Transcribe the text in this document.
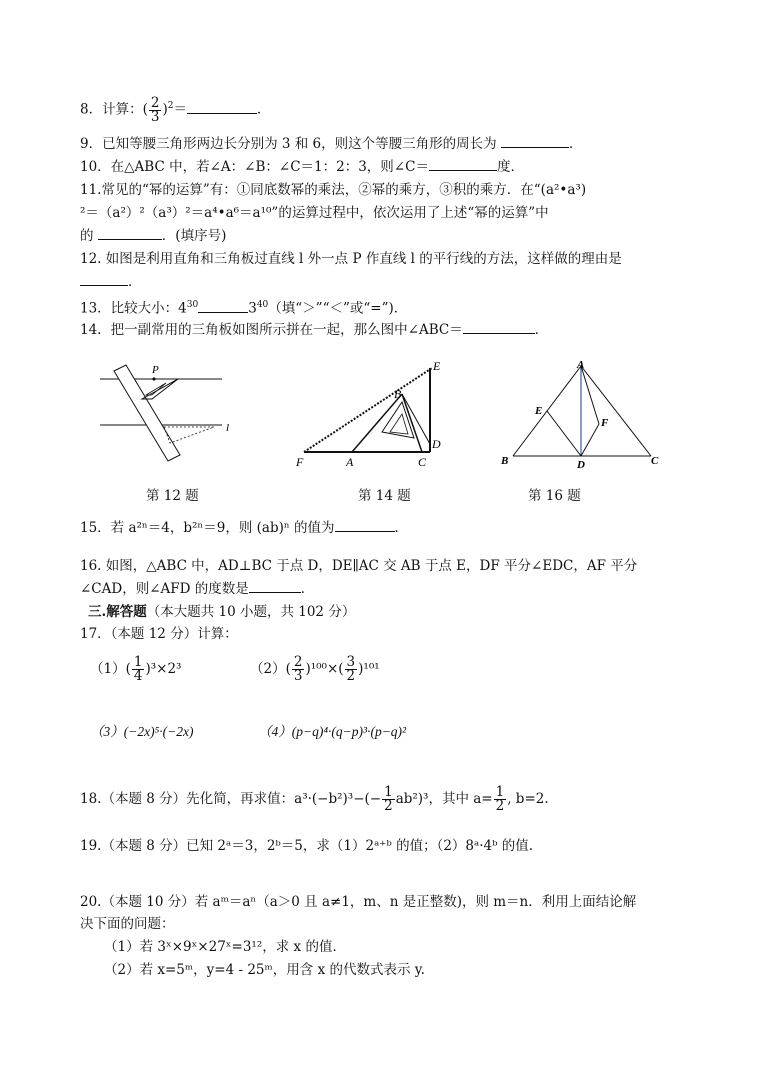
8．计算：( $\frac{2}{3} )^2=$	．
9．已知等腰三角形两边长分别为 3 和 6，则这个等腰三角形的周长为	．
10．在△ABC 中，若∠A：∠B：∠C＝1：2：3，则∠C＝	度．
11.常见的“幂的运算”有：①同底数幂的乘法，②幂的乘方，③积的乘方．在“(a²•a³)
²＝（a²）²（a³）²＝a⁴•a⁶＝a¹⁰”的运算过程中，依次运用了上述“幂的运算”中
的	．(填序号)
12. 如图是利用直角和三角板过直线 l 外一点 P 作直线 l 的平行线的方法，这样做的理由是
．
13．比较大小：$4^{30}$	$3^{40}$（填“＞”“＜”或“=”)．
14．把一副常用的三角板如图所示拼在一起，那么图中∠ABC＝	．
P
l
第 12 题
E
B
D
F	A	C
第 14 题
A
E
F
B	D	C
第 16 题
15．若 a²ⁿ＝4，b²ⁿ＝9，则 (ab)ⁿ 的值为	．
16. 如图，△ABC 中，AD⊥BC 于点 D，DE∥AC 交 AB 于点 E，DF 平分∠EDC，AF 平分
∠CAD，则∠AFD 的度数是	．
三.解答题（本大题共 10 小题，共 102 分）
17．（本题 12 分）计算：
$(1)( \frac{1}{4} )^3\times 2^3$	$(2)( \frac{2}{3} )^{100}\times( \frac{3}{2} )^{101}$
（3）(−2x)⁵·(−2x)	（4）(p−q)⁴·(q−p)³·(p−q)²
18.（本题 8 分）先化简，再求值：$a^3\cdot(-b^2)^3-(- \frac{1}{2} ab^2)^3$，其中 $a= \frac{1}{2}$ , b=2.
19.（本题 8 分）已知 2ᵃ＝3，2ᵇ＝5，求（1）2ᵃ⁺ᵇ 的值；（2）8ᵃ·4ᵇ 的值.
20.（本题 10 分）若 aᵐ＝aⁿ（a＞0 且 a≠1，m、n 是正整数)，则 m＝n．利用上面结论解
决下面的问题：
（1）若 3ˣ×9ˣ×27ˣ=3¹²，求 x 的值．
（2）若 x=5ᵐ，y=4 - 25ᵐ，用含 x 的代数式表示 y.
